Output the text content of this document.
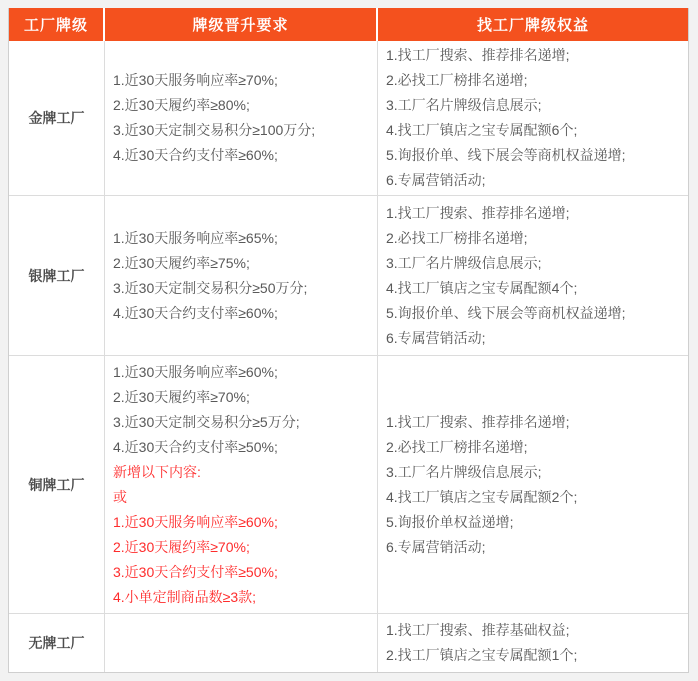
工厂牌级	牌级晋升要求	找工厂牌级权益
金牌工厂
1.近30天服务响应率≥70%;
2.近30天履约率≥80%;
3.近30天定制交易积分≥100万分;
4.近30天合约支付率≥60%;
1.找工厂搜索、推荐排名递增;
2.必找工厂榜排名递增;
3.工厂名片牌级信息展示;
4.找工厂镇店之宝专属配额6个;
5.询报价单、线下展会等商机权益递增;
6.专属营销活动;
银牌工厂
1.近30天服务响应率≥65%;
2.近30天履约率≥75%;
3.近30天定制交易积分≥50万分;
4.近30天合约支付率≥60%;
1.找工厂搜索、推荐排名递增;
2.必找工厂榜排名递增;
3.工厂名片牌级信息展示;
4.找工厂镇店之宝专属配额4个;
5.询报价单、线下展会等商机权益递增;
6.专属营销活动;
铜牌工厂
1.近30天服务响应率≥60%;
2.近30天履约率≥70%;
3.近30天定制交易积分≥5万分;
4.近30天合约支付率≥50%;
新增以下内容:
或
1.近30天服务响应率≥60%;
2.近30天履约率≥70%;
3.近30天合约支付率≥50%;
4.小单定制商品数≥3款;
1.找工厂搜索、推荐排名递增;
2.必找工厂榜排名递增;
3.工厂名片牌级信息展示;
4.找工厂镇店之宝专属配额2个;
5.询报价单权益递增;
6.专属营销活动;
无牌工厂
1.找工厂搜索、推荐基础权益;
2.找工厂镇店之宝专属配额1个;
